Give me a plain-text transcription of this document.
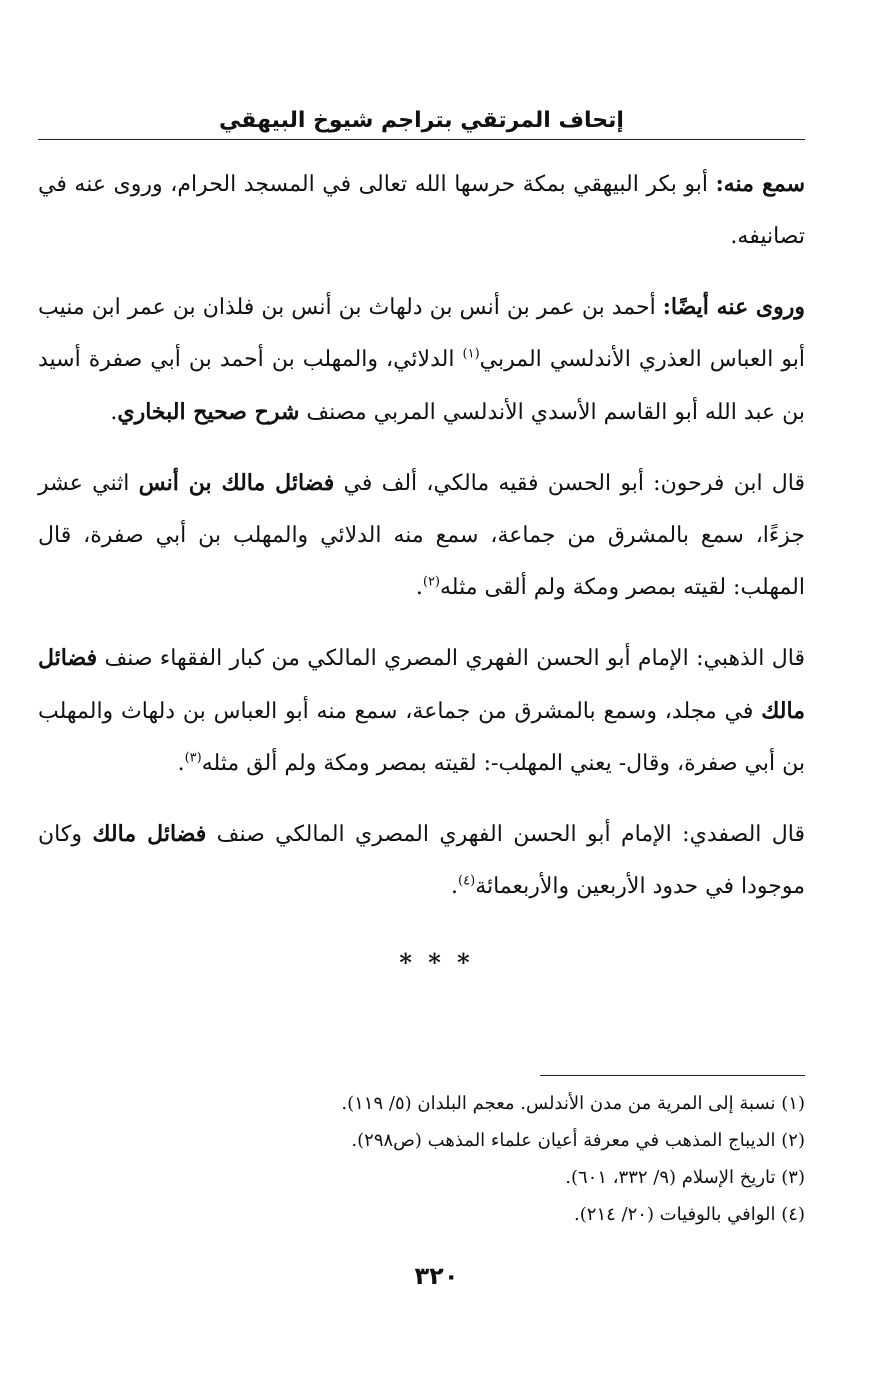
إتحاف المرتقي بتراجم شيوخ البيهقي

سمع منه: أبو بكر البيهقي بمكة حرسها الله تعالى في المسجد الحرام، وروى عنه في تصانيفه.

وروى عنه أيضًا: أحمد بن عمر بن أنس بن دلهاث بن أنس بن فلذان بن عمر ابن منيب أبو العباس العذري الأندلسي المربي$^{(١)}$ الدلائي، والمهلب بن أحمد بن أبي صفرة أسيد بن عبد الله أبو القاسم الأسدي الأندلسي المربي مصنف شرح صحيح البخاري.

قال ابن فرحون: أبو الحسن فقيه مالكي، ألف في فضائل مالك بن أنس اثني عشر جزءًا، سمع بالمشرق من جماعة، سمع منه الدلائي والمهلب بن أبي صفرة، قال المهلب: لقيته بمصر ومكة ولم ألقى مثله$^{(٢)}$.

قال الذهبي: الإمام أبو الحسن الفهري المصري المالكي من كبار الفقهاء صنف فضائل مالك في مجلد، وسمع بالمشرق من جماعة، سمع منه أبو العباس بن دلهاث والمهلب بن أبي صفرة، وقال- يعني المهلب-: لقيته بمصر ومكة ولم ألق مثله$^{(٣)}$.

قال الصفدي: الإمام أبو الحسن الفهري المصري المالكي صنف فضائل مالك وكان موجودا في حدود الأربعين والأربعمائة$^{(٤)}$.

* * *

(١) نسبة إلى المرية من مدن الأندلس. معجم البلدان (٥/ ١١٩).

(٢) الديباج المذهب في معرفة أعيان علماء المذهب (ص٢٩٨).

(٣) تاريخ الإسلام (٩/ ٣٣٢، ٦٠١).

(٤) الوافي بالوفيات (٢٠/ ٢١٤).

٣٢٠
